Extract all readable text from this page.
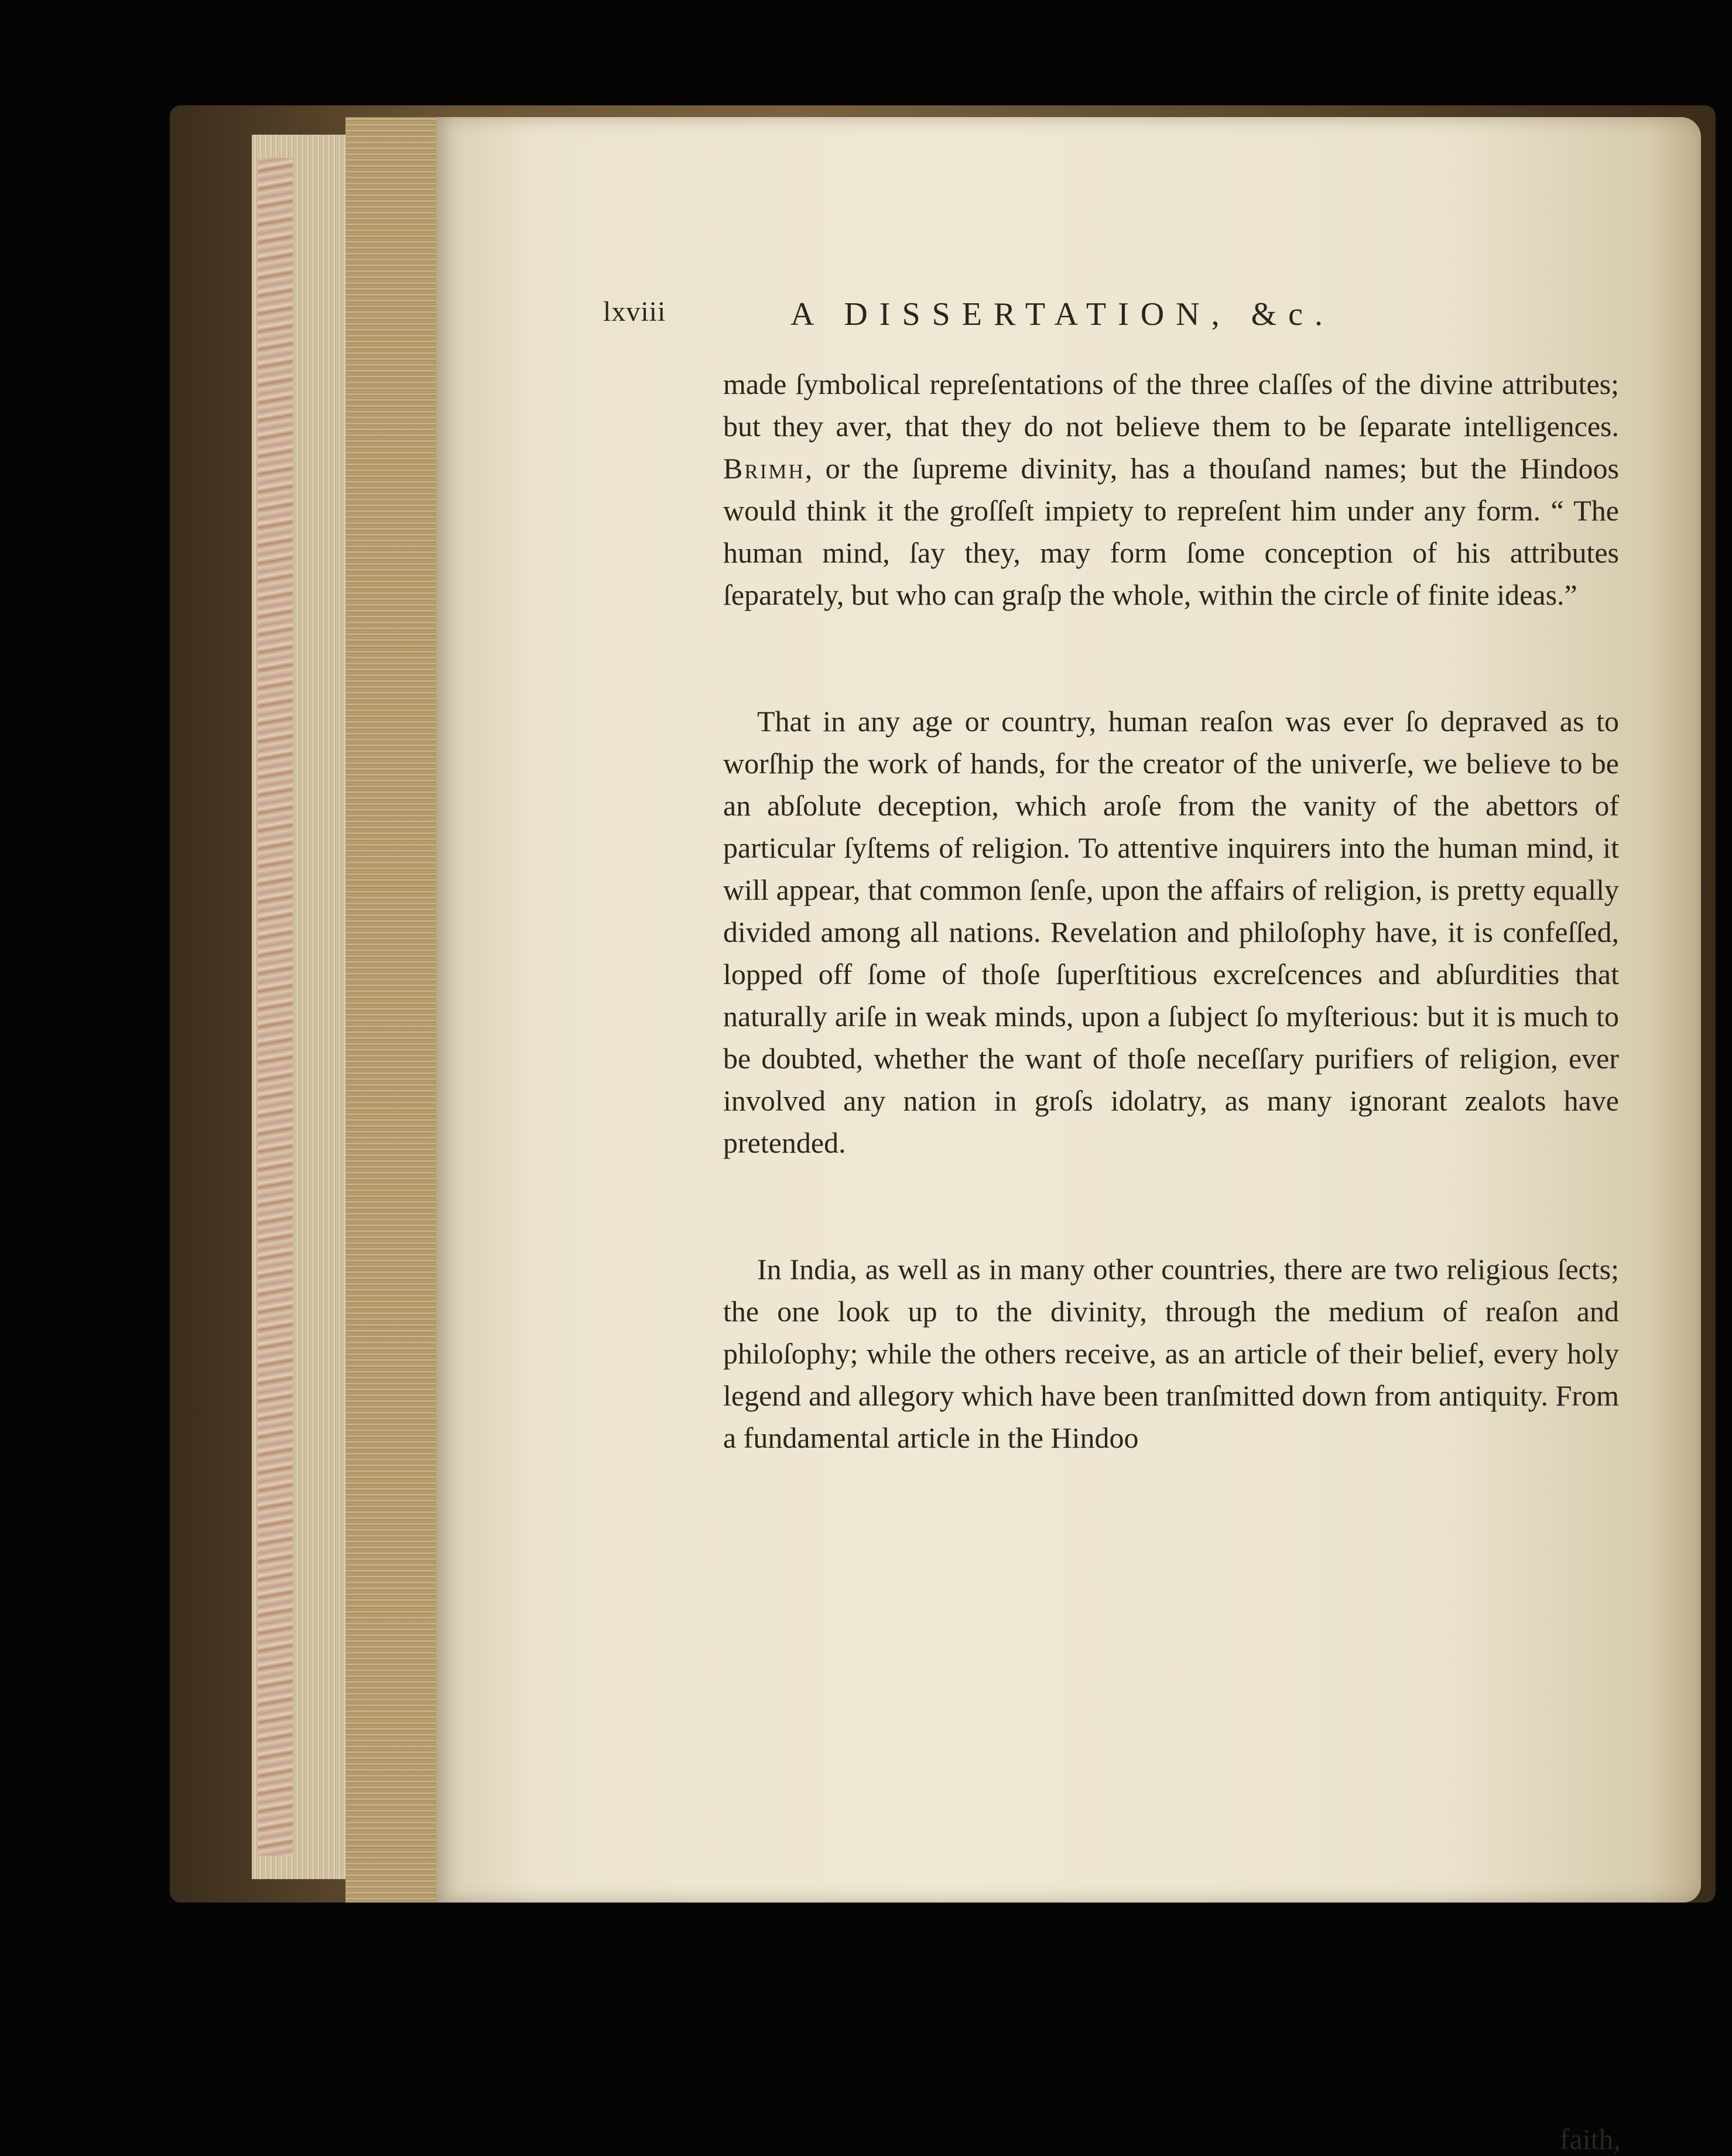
lxviii	A DISSERTATION, &c.

made ſymbolical repreſentations of the three claſſes of the divine attributes; but they aver, that they do not believe them to be ſeparate intelligences. Brimh, or the ſupreme divinity, has a thouſand names; but the Hindoos would think it the groſſeſt impiety to repreſent him under any form. “ The human mind, ſay they, may form ſome conception of his attributes ſeparately, but who can graſp the whole, within the circle of finite ideas.”

That in any age or country, human reaſon was ever ſo depraved as to worſhip the work of hands, for the creator of the univerſe, we believe to be an abſolute deception, which aroſe from the vanity of the abettors of particular ſyſtems of religion. To attentive inquirers into the human mind, it will appear, that common ſenſe, upon the affairs of religion, is pretty equally divided among all nations. Revelation and philoſophy have, it is confeſſed, lopped off ſome of thoſe ſuperſtitious excreſcences and abſurdities that naturally ariſe in weak minds, upon a ſubject ſo myſterious: but it is much to be doubted, whether the want of thoſe neceſſary purifiers of religion, ever involved any nation in groſs idolatry, as many ignorant zealots have pretended.

In India, as well as in many other countries, there are two religious ſects; the one look up to the divinity, through the medium of reaſon and philoſophy; while the others receive, as an article of their belief, every holy legend and allegory which have been tranſmitted down from antiquity. From a fundamental article in the Hindoo

faith,
